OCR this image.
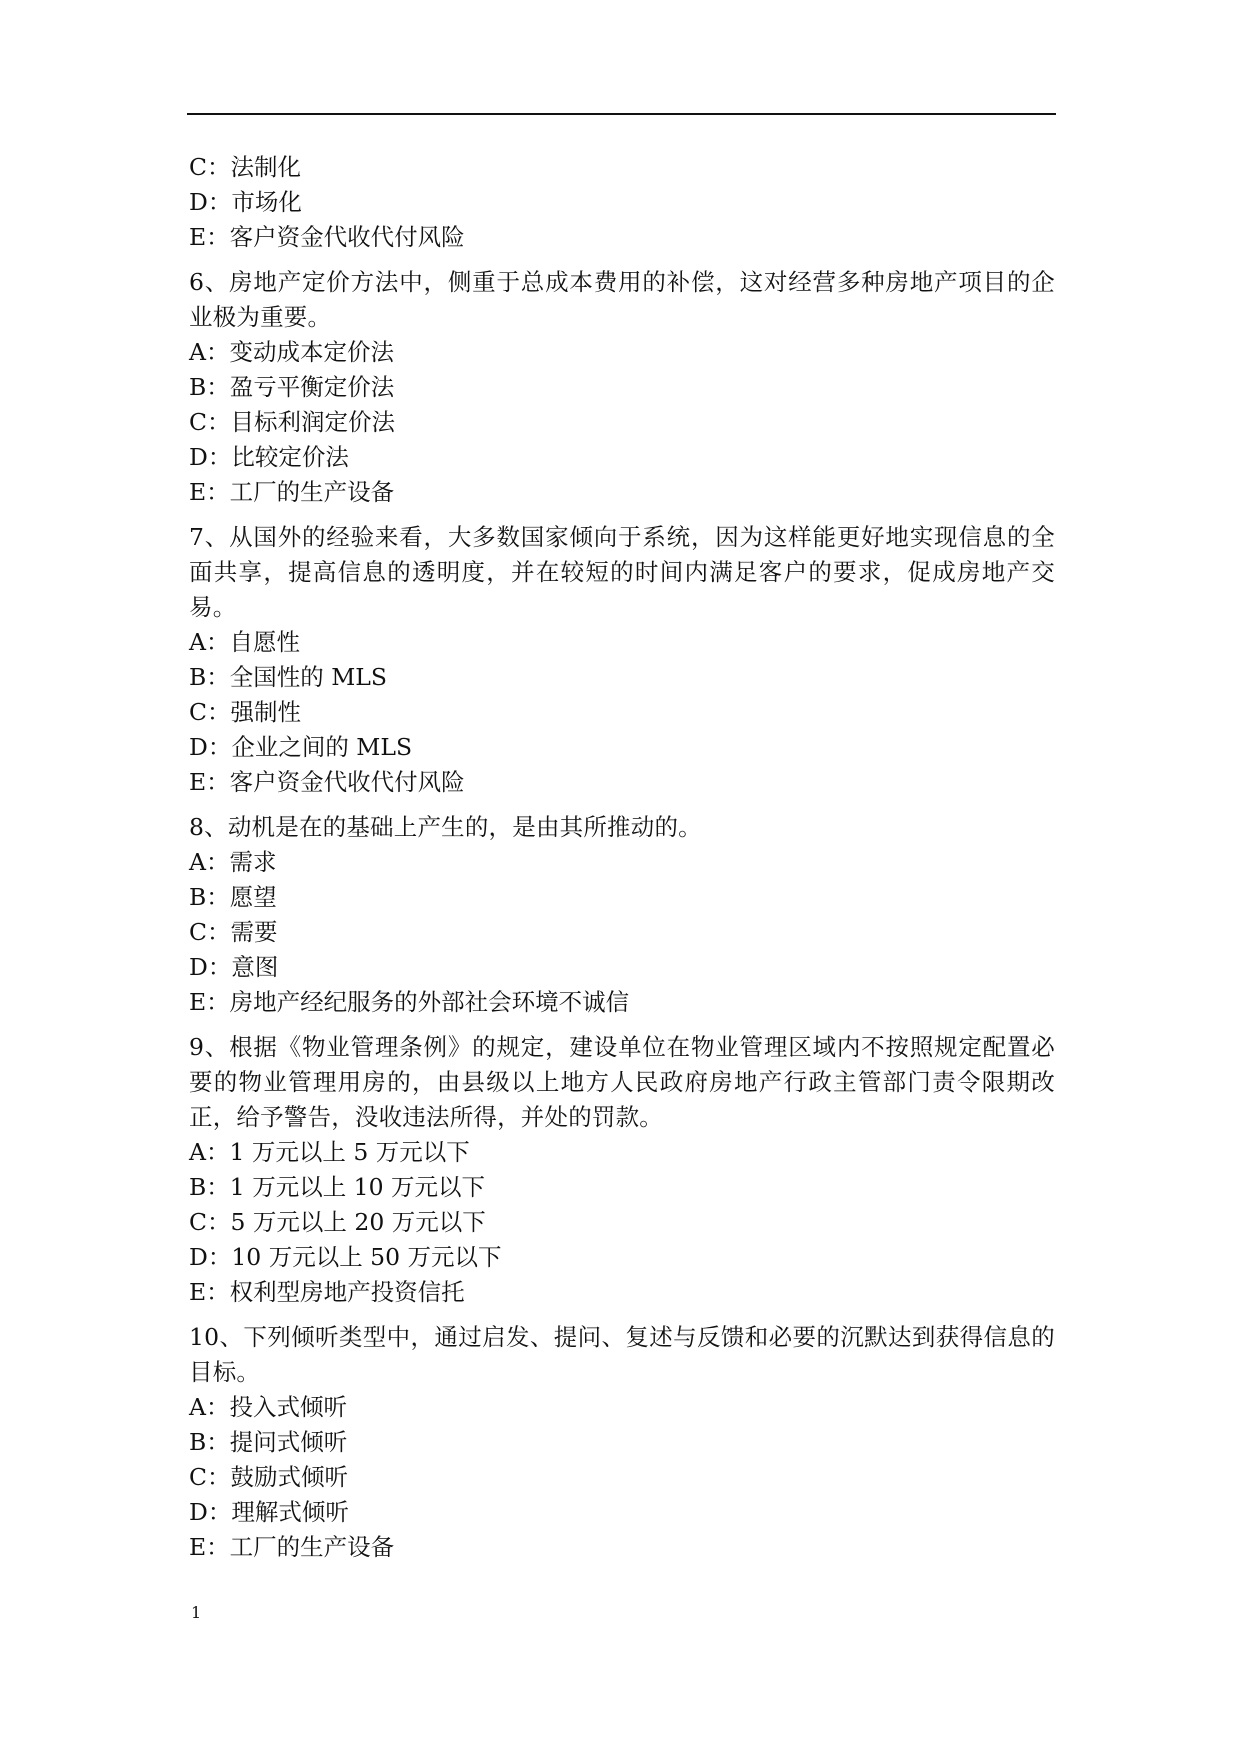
C：法制化
D：市场化
E：客户资金代收代付风险
6、房地产定价方法中，侧重于总成本费用的补偿，这对经营多种房地产项目的企业极为重要。
A：变动成本定价法
B：盈亏平衡定价法
C：目标利润定价法
D：比较定价法
E：工厂的生产设备
7、从国外的经验来看，大多数国家倾向于系统，因为这样能更好地实现信息的全面共享，提高信息的透明度，并在较短的时间内满足客户的要求，促成房地产交易。
A：自愿性
B：全国性的 MLS
C：强制性
D：企业之间的 MLS
E：客户资金代收代付风险
8、动机是在的基础上产生的，是由其所推动的。
A：需求
B：愿望
C：需要
D：意图
E：房地产经纪服务的外部社会环境不诚信
9、根据《物业管理条例》的规定，建设单位在物业管理区域内不按照规定配置必要的物业管理用房的，由县级以上地方人民政府房地产行政主管部门责令限期改正，给予警告，没收违法所得，并处的罚款。
A：1 万元以上 5 万元以下
B：1 万元以上 10 万元以下
C：5 万元以上 20 万元以下
D：10 万元以上 50 万元以下
E：权利型房地产投资信托
10、下列倾听类型中，通过启发、提问、复述与反馈和必要的沉默达到获得信息的目标。
A：投入式倾听
B：提问式倾听
C：鼓励式倾听
D：理解式倾听
E：工厂的生产设备
1
